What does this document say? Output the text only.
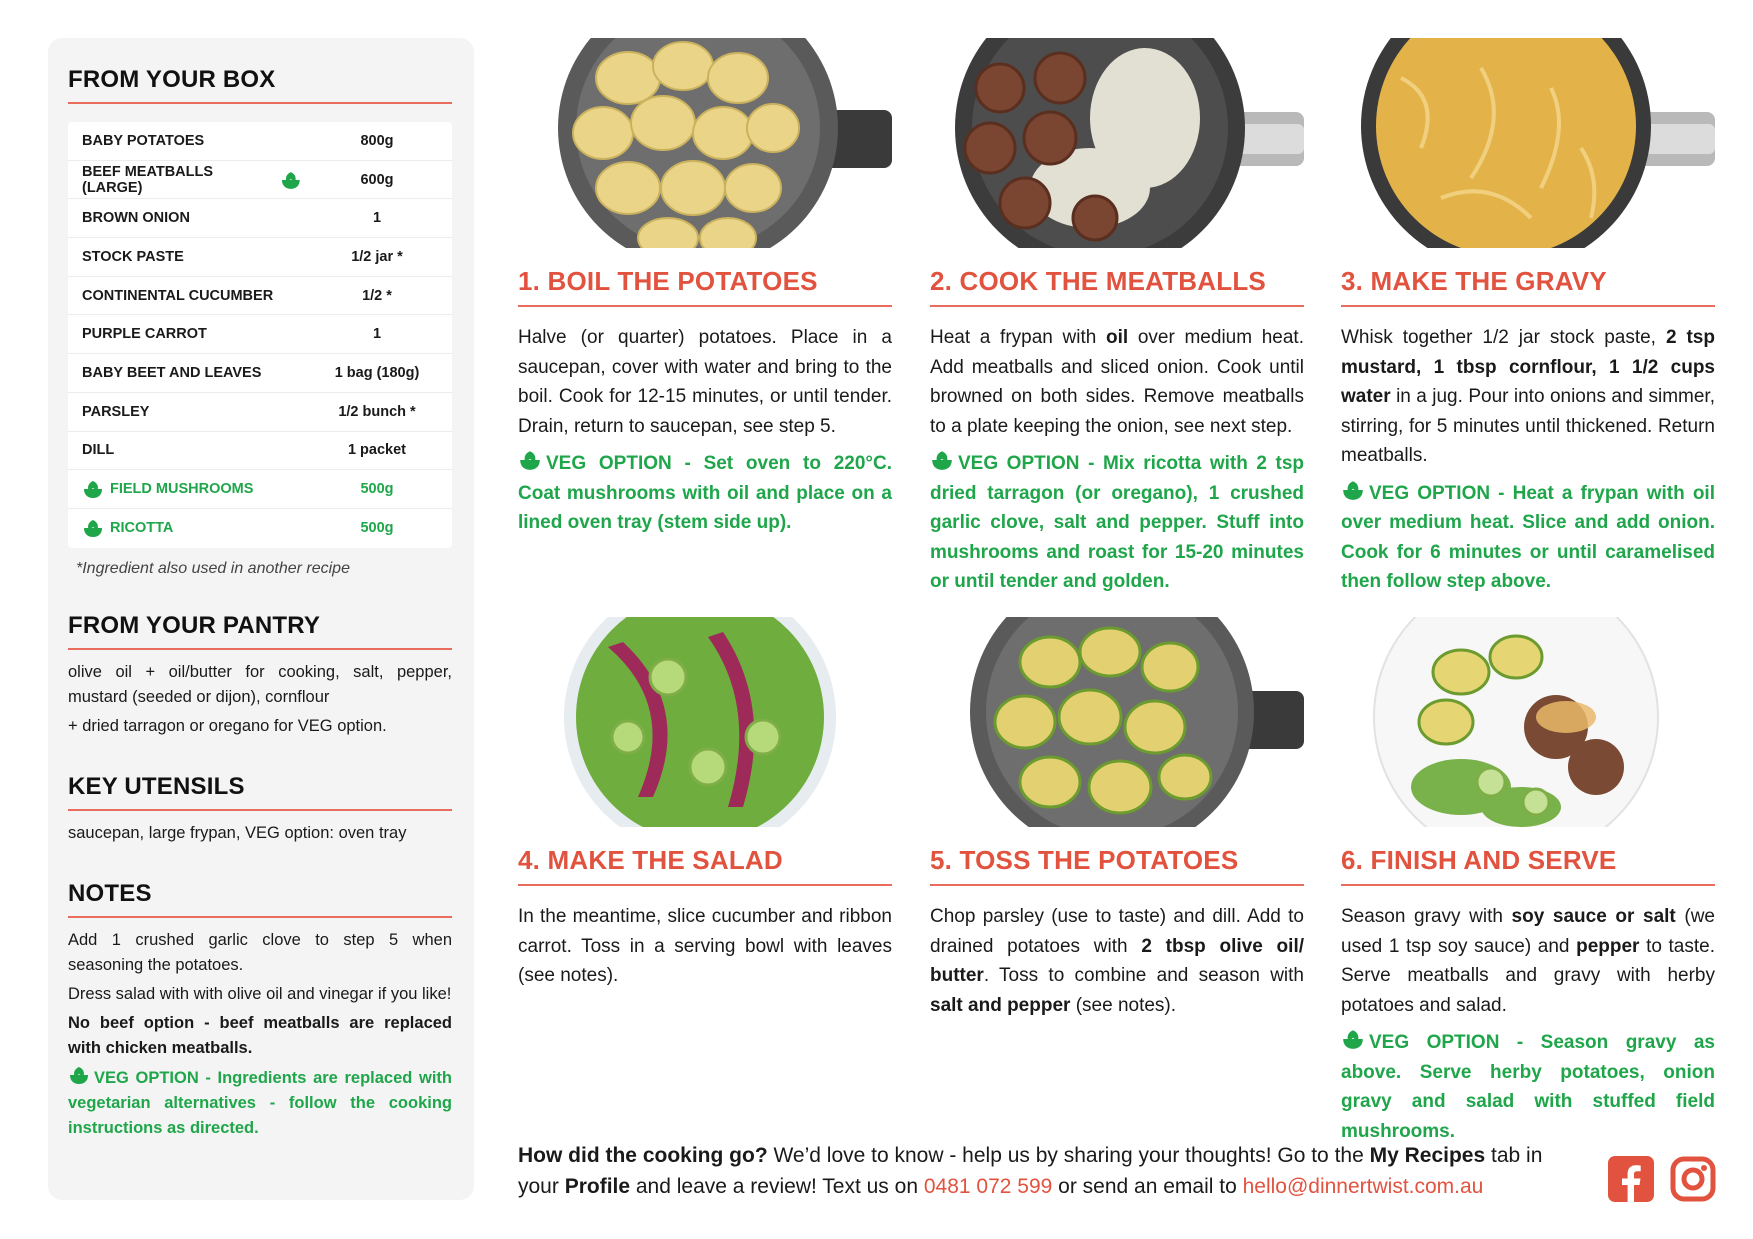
FROM YOUR BOX
BABY POTATOES	800g
BEEF MEATBALLS (LARGE)	600g
BROWN ONION	1
STOCK PASTE	1/2 jar *
CONTINENTAL CUCUMBER	1/2 *
PURPLE CARROT	1
BABY BEET AND LEAVES	1 bag (180g)
PARSLEY	1/2 bunch *
DILL	1 packet
FIELD MUSHROOMS	500g
RICOTTA	500g
*Ingredient also used in another recipe
FROM YOUR PANTRY

olive oil + oil/butter for cooking, salt, pepper, mustard (seeded or dijon), cornflour

+ dried tarragon or oregano for VEG option.

KEY UTENSILS

saucepan, large frypan, VEG option: oven tray

NOTES

Add 1 crushed garlic clove to step 5 when seasoning the potatoes.

Dress salad with with olive oil and vinegar if you like!

No beef option - beef meatballs are replaced with chicken meatballs.

VEG OPTION - Ingredients are replaced with vegetarian alternatives - follow the cooking instructions as directed.

1. BOIL THE POTATOES

Halve (or quarter) potatoes. Place in a saucepan, cover with water and bring to the boil. Cook for 12-15 minutes, or until tender. Drain, return to saucepan, see step 5.

VEG OPTION - Set oven to 220°C. Coat mushrooms with oil and place on a lined oven tray (stem side up).

2. COOK THE MEATBALLS

Heat a frypan with oil over medium heat. Add meatballs and sliced onion. Cook until browned on both sides. Remove meatballs to a plate keeping the onion, see next step.

VEG OPTION - Mix ricotta with 2 tsp dried tarragon (or oregano), 1 crushed garlic clove, salt and pepper. Stuff into mushrooms and roast for 15-20 minutes or until tender and golden.

3. MAKE THE GRAVY

Whisk together 1/2 jar stock paste, 2 tsp mustard, 1 tbsp cornflour, 1 1/2 cups water in a jug. Pour into onions and simmer, stirring, for 5 minutes until thickened. Return meatballs.

VEG OPTION - Heat a frypan with oil over medium heat. Slice and add onion. Cook for 6 minutes or until caramelised then follow step above.

4. MAKE THE SALAD

In the meantime, slice cucumber and ribbon carrot. Toss in a serving bowl with leaves (see notes).

5. TOSS THE POTATOES

Chop parsley (use to taste) and dill. Add to drained potatoes with 2 tbsp olive oil/ butter. Toss to combine and season with salt and pepper (see notes).

6. FINISH AND SERVE

Season gravy with soy sauce or salt (we used 1 tsp soy sauce) and pepper to taste. Serve meatballs and gravy with herby potatoes and salad.

VEG OPTION - Season gravy as above. Serve herby potatoes, onion gravy and salad with stuffed field mushrooms.

How did the cooking go? We’d love to know - help us by sharing your thoughts! Go to the My Recipes tab in your Profile and leave a review! Text us on 0481 072 599 or send an email to hello@dinnertwist.com.au
